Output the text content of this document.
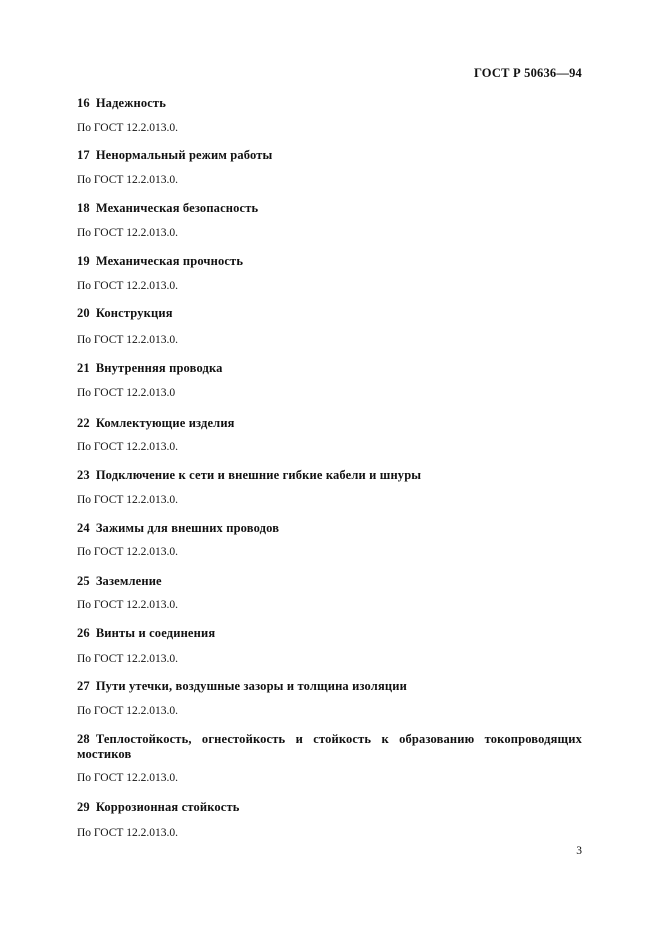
ГОСТ Р 50636—94

16 Надежность

По ГОСТ 12.2.013.0.

17 Ненормальный режим работы

По ГОСТ 12.2.013.0.

18 Механическая безопасность

По ГОСТ 12.2.013.0.

19 Механическая прочность

По ГОСТ 12.2.013.0.

20 Конструкция

По ГОСТ 12.2.013.0.

21 Внутренняя проводка

По ГОСТ 12.2.013.0

22 Комлектующие изделия

По ГОСТ 12.2.013.0.

23 Подключение к сети и внешние гибкие кабели и шнуры

По ГОСТ 12.2.013.0.

24 Зажимы для внешних проводов

По ГОСТ 12.2.013.0.

25 Заземление

По ГОСТ 12.2.013.0.

26 Винты и соединения

По ГОСТ 12.2.013.0.

27 Пути утечки, воздушные зазоры и толщина изоляции

По ГОСТ 12.2.013.0.

28 Теплостойкость, огнестойкость и стойкость к образованию токопроводящих мостиков

По ГОСТ 12.2.013.0.

29 Коррозионная стойкость

По ГОСТ 12.2.013.0.
3
